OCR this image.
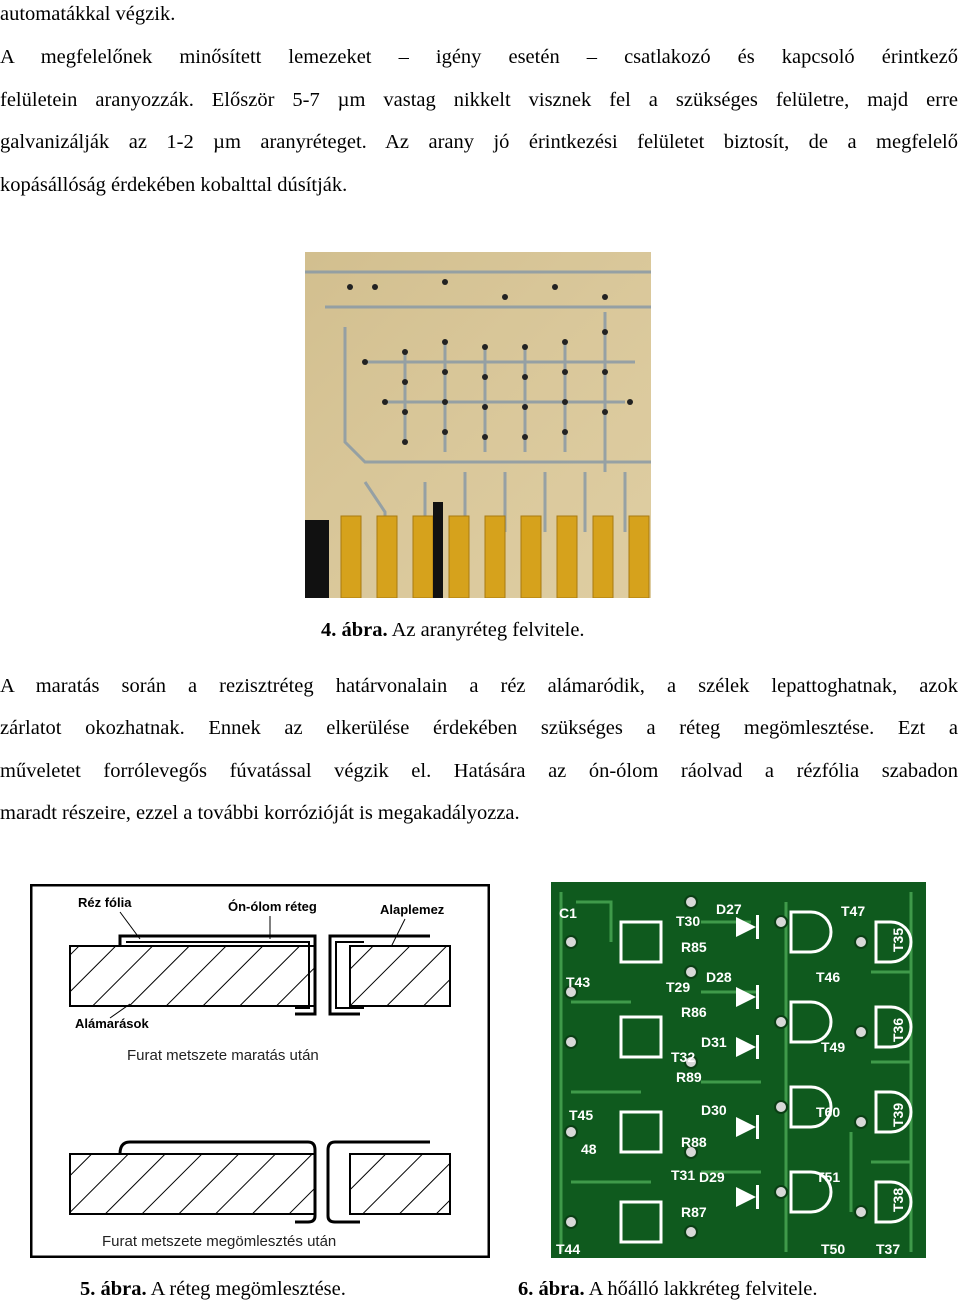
automatákkal végzik.
A megfelelőnek minősített lemezeket – igény esetén – csatlakozó és kapcsoló érintkező
felületein aranyozzák. Először 5-7 µm vastag nikkelt visznek fel a szükséges felületre, majd erre
galvanizálják az 1-2 µm aranyréteget. Az arany jó érintkezési felületet biztosít, de a megfelelő
kopásállóság érdekében kobalttal dúsítják.
4. ábra. Az aranyréteg felvitele.
A maratás során a rezisztréteg határvonalain a réz alámaródik, a szélek lepattoghatnak, azok
zárlatot okozhatnak. Ennek az elkerülése érdekében szükséges a réteg megömlesztése. Ezt a
műveletet forrólevegős fúvatással végzik el. Hatására az ón-ólom ráolvad a rézfólia szabadon
maradt részeire, ezzel a további korrózióját is megakadályozza.
Réz fólia	Ón-ólom réteg	Alaplemez
Alámarások
Furat metszete maratás után
Furat metszete megömlesztés után
C1	T30
D27	T47
R85
T43	T29
D28	T46
R86
D31	T49
T32
R89
D30
T45	T60
48	R88
D29
T31	T51
R87
T44	T50 T37
T35
T36
T39
T38
5. ábra. A réteg megömlesztése.	6. ábra. A hőálló lakkréteg felvitele.
